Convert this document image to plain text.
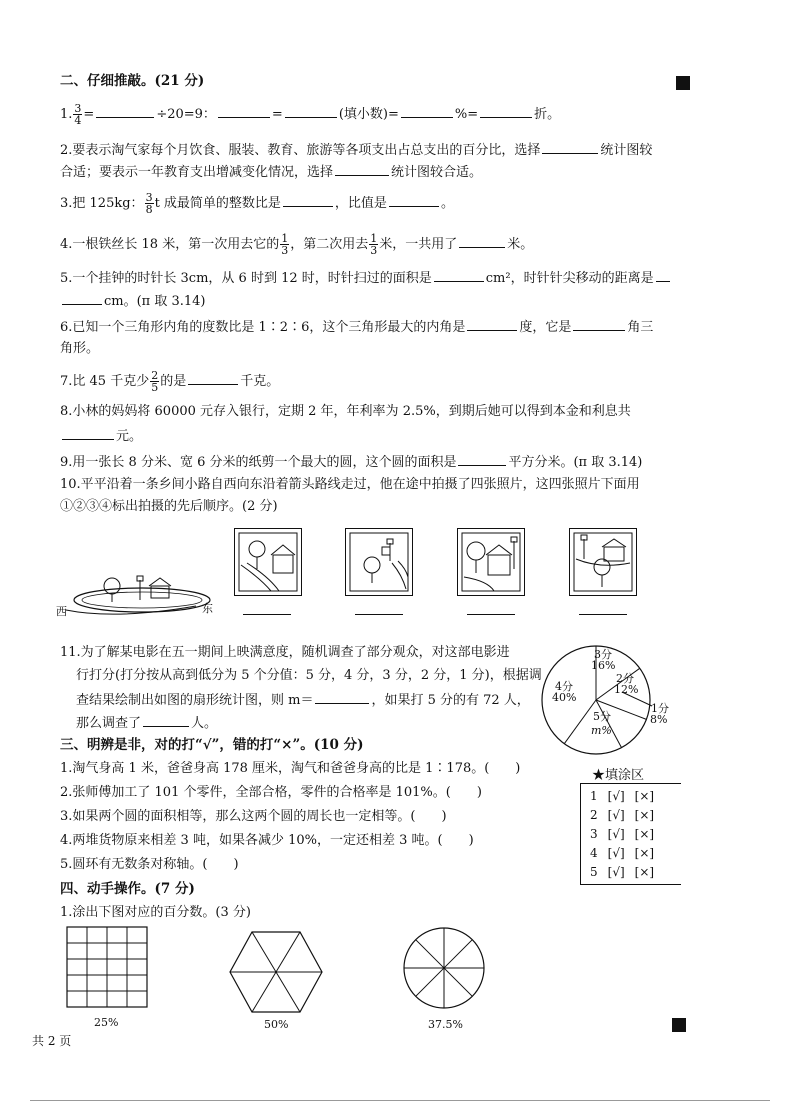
二、仔细推敲。(21 分)
1. $\frac{3}{4}$ =	÷20=9：	=	(填小数)=	%=	折。
2.要表示淘气家每个月饮食、服装、教育、旅游等各项支出占总支出的百分比，选择	统计图较
合适；要表示一年教育支出增减变化情况，选择	统计图较合适。
3.把 125kg： $\frac{3}{8}$ t 成最简单的整数比是	，比值是	。
4.一根铁丝长 18 米，第一次用去它的 $\frac{1}{3}$ ，第二次用去 $\frac{1}{3}$ 米，一共用了	米。
5.一个挂钟的时针长 3cm，从 6 时到 12 时，时针扫过的面积是	cm²，时针针尖移动的距离是
cm。(π 取 3.14)
6.已知一个三角形内角的度数比是 1∶2∶6，这个三角形最大的内角是	度，它是	角三
角形。
7.比 45 千克少 $\frac{2}{5}$ 的是	千克。
8.小林的妈妈将 60000 元存入银行，定期 2 年，年利率为 2.5%，到期后她可以得到本金和利息共
元。
9.用一张长 8 分米、宽 6 分米的纸剪一个最大的圆，这个圆的面积是	平方分米。(π 取 3.14)
10.平平沿着一条乡间小路自西向东沿着箭头路线走过，他在途中拍摄了四张照片，这四张照片下面用
①②③④标出拍摄的先后顺序。(2 分)
西	东
11.为了解某电影在五一期间上映满意度，随机调查了部分观众，对这部电影进
行打分(打分按从高到低分为 5 个分值：5 分，4 分，3 分，2 分，1 分)，根据调
查结果绘制出如图的扇形统计图，则 m＝	，如果打 5 分的有 72 人，
那么调查了	人。
3分
16%
2分
12%
1分
8%
4分
40%
5分
m%
三、明辨是非，对的打“√”，错的打“×”。(10 分)
1.淘气身高 1 米，爸爸身高 178 厘米，淘气和爸爸身高的比是 1∶178。(　　)
2.张师傅加工了 101 个零件，全部合格，零件的合格率是 101%。(　　)
3.如果两个圆的面积相等，那么这两个圆的周长也一定相等。(　　)
4.两堆货物原来相差 3 吨，如果各减少 10%，一定还相差 3 吨。(　　)
5.圆环有无数条对称轴。(　　)
★填涂区
1 [√] [×]
2 [√] [×]
3 [√] [×]
4 [√] [×]
5 [√] [×]
四、动手操作。(7 分)
1.涂出下图对应的百分数。(3 分)
25%	50%	37.5%
共 2 页
